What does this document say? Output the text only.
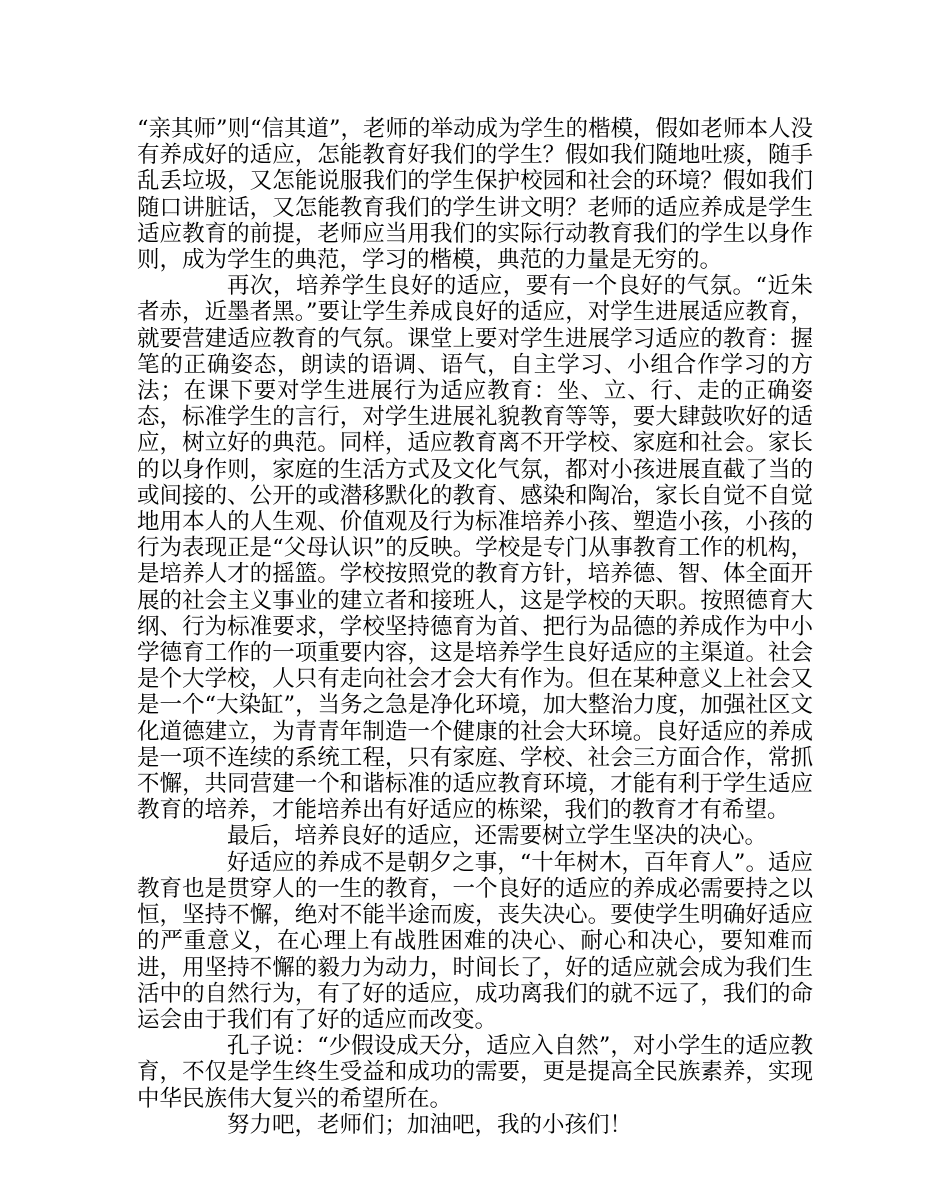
“亲其师”则“信其道”，老师的举动成为学生的楷模，假如老师本人没有养成好的适应，怎能教育好我们的学生？假如我们随地吐痰，随手乱丢垃圾，又怎能说服我们的学生保护校园和社会的环境？假如我们随口讲脏话，又怎能教育我们的学生讲文明？老师的适应养成是学生适应教育的前提，老师应当用我们的实际行动教育我们的学生以身作则，成为学生的典范，学习的楷模，典范的力量是无穷的。

再次，培养学生良好的适应，要有一个良好的气氛。“近朱者赤，近墨者黑。”要让学生养成良好的适应，对学生进展适应教育，就要营建适应教育的气氛。课堂上要对学生进展学习适应的教育：握笔的正确姿态，朗读的语调、语气，自主学习、小组合作学习的方法；在课下要对学生进展行为适应教育：坐、立、行、走的正确姿态，标准学生的言行，对学生进展礼貌教育等等，要大肆鼓吹好的适应，树立好的典范。同样，适应教育离不开学校、家庭和社会。家长的以身作则，家庭的生活方式及文化气氛，都对小孩进展直截了当的或间接的、公开的或潜移默化的教育、感染和陶冶，家长自觉不自觉地用本人的人生观、价值观及行为标准培养小孩、塑造小孩，小孩的行为表现正是“父母认识”的反映。学校是专门从事教育工作的机构，是培养人才的摇篮。学校按照党的教育方针，培养德、智、体全面开展的社会主义事业的建立者和接班人，这是学校的天职。按照德育大纲、行为标准要求，学校坚持德育为首、把行为品德的养成作为中小学德育工作的一项重要内容，这是培养学生良好适应的主渠道。社会是个大学校，人只有走向社会才会大有作为。但在某种意义上社会又是一个“大染缸”，当务之急是净化环境，加大整治力度，加强社区文化道德建立，为青青年制造一个健康的社会大环境。良好适应的养成是一项不连续的系统工程，只有家庭、学校、社会三方面合作，常抓不懈，共同营建一个和谐标准的适应教育环境，才能有利于学生适应教育的培养，才能培养出有好适应的栋梁，我们的教育才有希望。

最后，培养良好的适应，还需要树立学生坚决的决心。

好适应的养成不是朝夕之事，“十年树木，百年育人”。适应教育也是贯穿人的一生的教育，一个良好的适应的养成必需要持之以恒，坚持不懈，绝对不能半途而废，丧失决心。要使学生明确好适应的严重意义，在心理上有战胜困难的决心、耐心和决心，要知难而进，用坚持不懈的毅力为动力，时间长了，好的适应就会成为我们生活中的自然行为，有了好的适应，成功离我们的就不远了，我们的命运会由于我们有了好的适应而改变。

孔子说：“少假设成天分，适应入自然”，对小学生的适应教育，不仅是学生终生受益和成功的需要，更是提高全民族素养，实现中华民族伟大复兴的希望所在。

努力吧，老师们；加油吧，我的小孩们！
